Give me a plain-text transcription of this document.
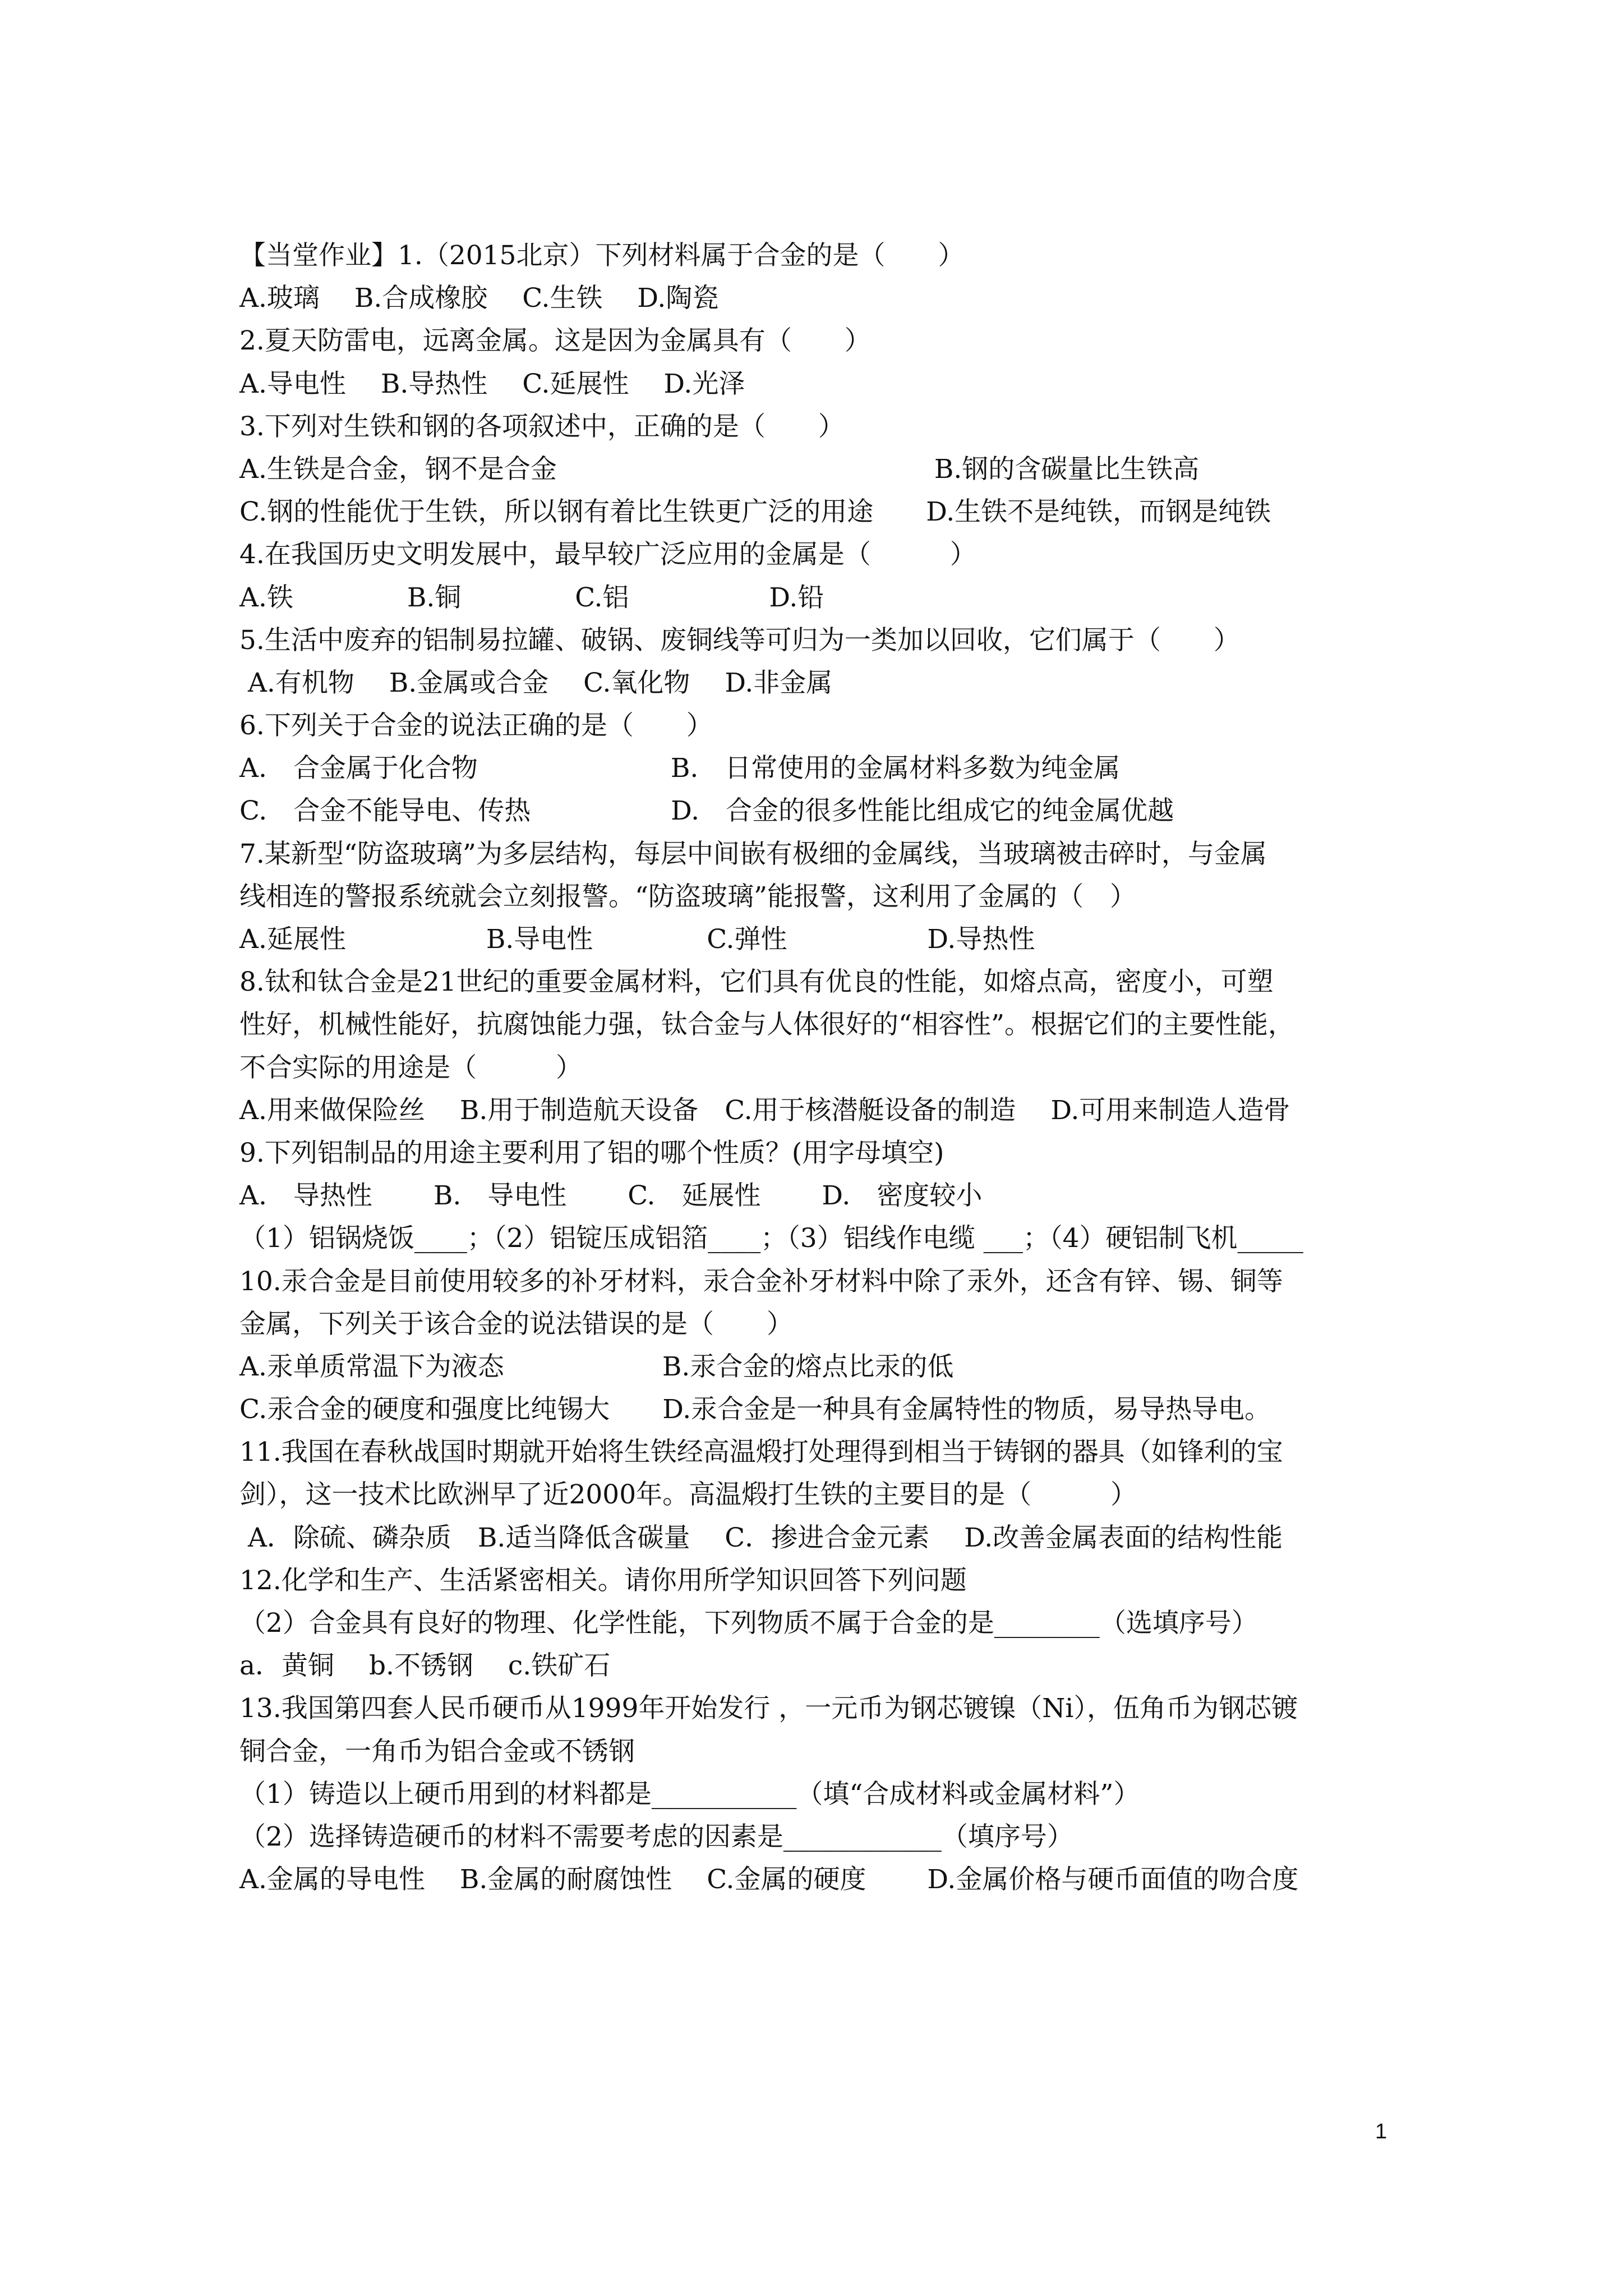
【当堂作业】1.（2015北京）下列材料属于合金的是（　　）
A.玻璃　 B.合成橡胶　 C.生铁　 D.陶瓷
2.夏天防雷电，远离金属。这是因为金属具有（　　）
A.导电性　 B.导热性　 C.延展性　 D.光泽
3.下列对生铁和钢的各项叙述中，正确的是（　　）
A.生铁是合金，钢不是合金　　　　　　　　　　　　　　 B.钢的含碳量比生铁高
C.钢的性能优于生铁，所以钢有着比生铁更广泛的用途　　D.生铁不是纯铁，而钢是纯铁
4.在我国历史文明发展中，最早较广泛应用的金属是（　　　）
A.铁　　　　 B.铜　　　　 C.铝　　　　　 D.铅
5.生活中废弃的铝制易拉罐、破锅、废铜线等可归为一类加以回收，它们属于（　　）
A.有机物　 B.金属或合金　 C.氧化物　 D.非金属
6.下列关于合金的说法正确的是（　　）
A.　合金属于化合物　　　　　　　 B.　日常使用的金属材料多数为纯金属
C.　合金不能导电、传热　　　　　 D.　合金的很多性能比组成它的纯金属优越
7.某新型“防盗玻璃”为多层结构，每层中间嵌有极细的金属线，当玻璃被击碎时，与金属
线相连的警报系统就会立刻报警。“防盗玻璃”能报警，这利用了金属的（　）
A.延展性　　　　　 B.导电性　　　　 C.弹性　　　　　 D.导热性
8.钛和钛合金是21世纪的重要金属材料，它们具有优良的性能，如熔点高，密度小，可塑
性好，机械性能好，抗腐蚀能力强，钛合金与人体很好的“相容性”。根据它们的主要性能，
不合实际的用途是（　　　）
A.用来做保险丝　 B.用于制造航天设备　C.用于核潜艇设备的制造　 D.可用来制造人造骨
9.下列铝制品的用途主要利用了铝的哪个性质？(用字母填空)
A.　导热性　　 B.　导电性　　 C.　延展性　　 D.　密度较小
（1）铝锅烧饭____；（2）铝锭压成铝箔____；（3）铝线作电缆 ___；（4）硬铝制飞机_____
10.汞合金是目前使用较多的补牙材料，汞合金补牙材料中除了汞外，还含有锌、锡、铜等
金属，下列关于该合金的说法错误的是（　　）
A.汞单质常温下为液态　　　　　　B.汞合金的熔点比汞的低
C.汞合金的硬度和强度比纯锡大　　D.汞合金是一种具有金属特性的物质，易导热导电。
11.我国在春秋战国时期就开始将生铁经高温煅打处理得到相当于铸钢的器具（如锋利的宝
剑），这一技术比欧洲早了近2000年。高温煅打生铁的主要目的是（　　　）
A．除硫、磷杂质　B.适当降低含碳量　 C．掺进合金元素　 D.改善金属表面的结构性能
12.化学和生产、生活紧密相关。请你用所学知识回答下列问题
（2）合金具有良好的物理、化学性能，下列物质不属于合金的是________（选填序号）
a．黄铜　 b.不锈钢　 c.铁矿石
13.我国第四套人民币硬币从1999年开始发行 ，一元币为钢芯镀镍（Ni），伍角币为钢芯镀
铜合金，一角币为铝合金或不锈钢
（1）铸造以上硬币用到的材料都是___________（填“合成材料或金属材料”）
（2）选择铸造硬币的材料不需要考虑的因素是____________（填序号）
A.金属的导电性　 B.金属的耐腐蚀性　 C.金属的硬度　　 D.金属价格与硬币面值的吻合度
1
